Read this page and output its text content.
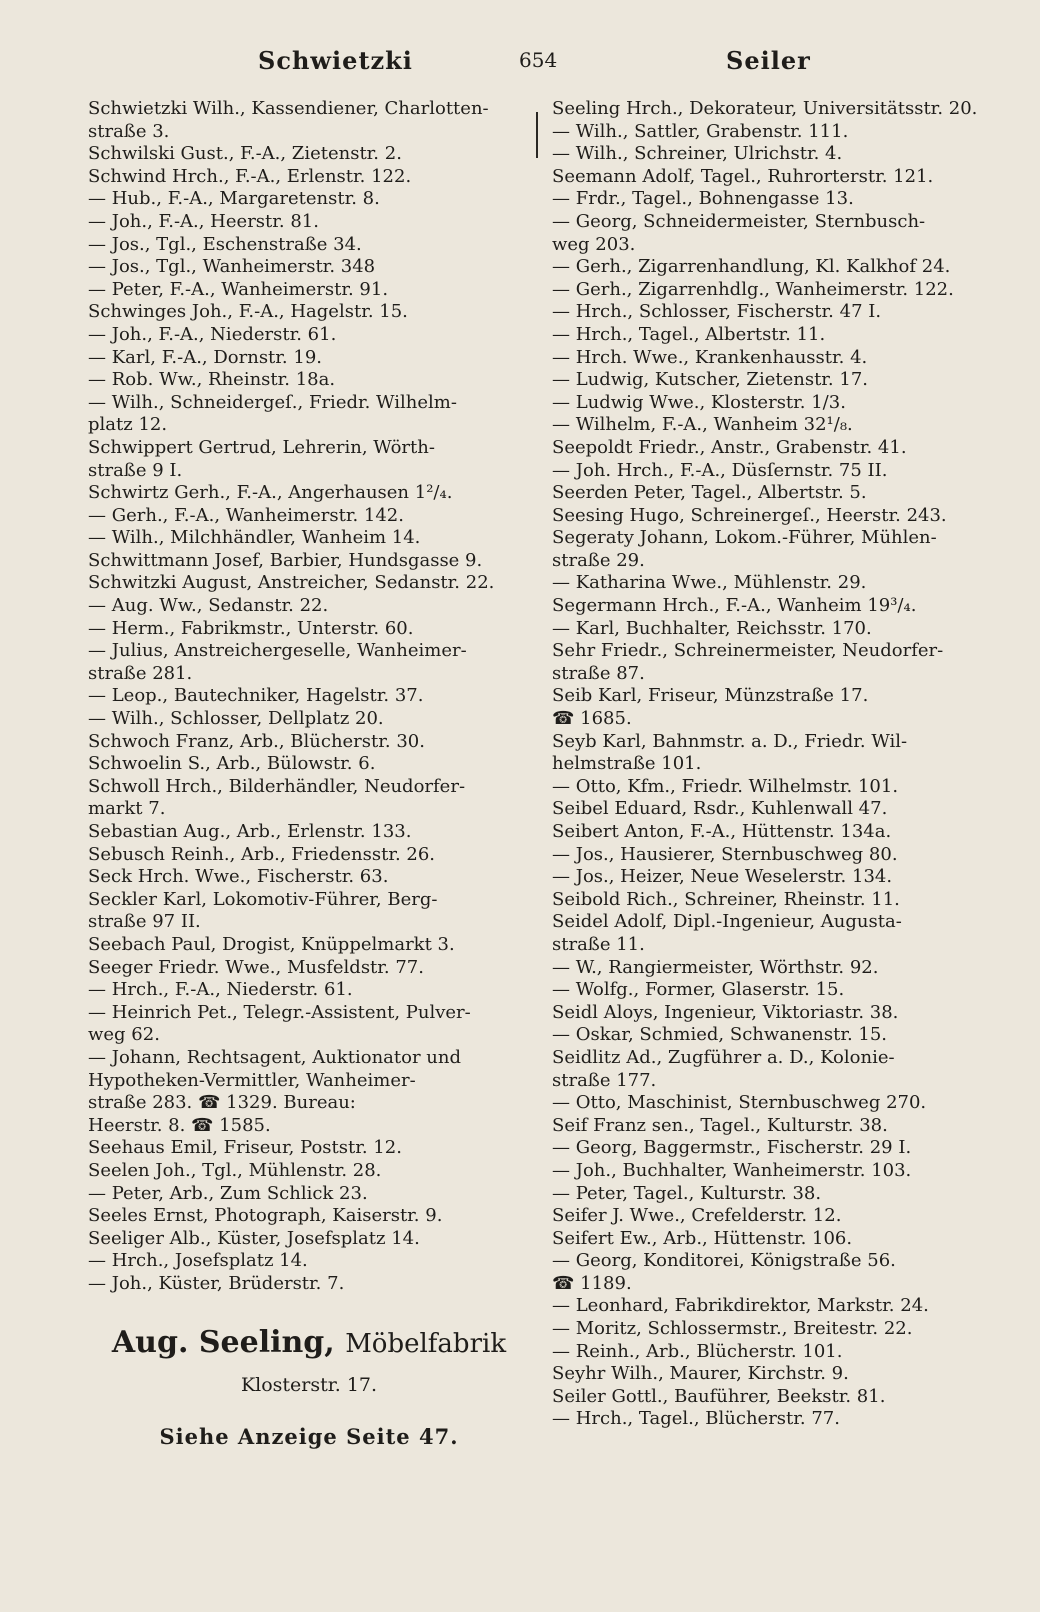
Schwietzki	654	Seiler
Schwietzki Wilh., Kassendiener, Charlotten-
straße 3.
Schwilski Gust., F.-A., Zietenstr. 2.
Schwind Hrch., F.-A., Erlenstr. 122.
— Hub., F.-A., Margaretenstr. 8.
— Joh., F.-A., Heerstr. 81.
— Jos., Tgl., Eschenstraße 34.
— Jos., Tgl., Wanheimerstr. 348
— Peter, F.-A., Wanheimerstr. 91.
Schwinges Joh., F.-A., Hagelstr. 15.
— Joh., F.-A., Niederstr. 61.
— Karl, F.-A., Dornstr. 19.
— Rob. Ww., Rheinstr. 18a.
— Wilh., Schneidergeſ., Friedr. Wilhelm-
platz 12.
Schwippert Gertrud, Lehrerin, Wörth-
straße 9 I.
Schwirtz Gerh., F.-A., Angerhausen 1²/₄.
— Gerh., F.-A., Wanheimerstr. 142.
— Wilh., Milchhändler, Wanheim 14.
Schwittmann Josef, Barbier, Hundsgasse 9.
Schwitzki August, Anstreicher, Sedanstr. 22.
— Aug. Ww., Sedanstr. 22.
— Herm., Fabrikmstr., Unterstr. 60.
— Julius, Anstreichergeselle, Wanheimer-
straße 281.
— Leop., Bautechniker, Hagelstr. 37.
— Wilh., Schlosser, Dellplatz 20.
Schwoch Franz, Arb., Blücherstr. 30.
Schwoelin S., Arb., Bülowstr. 6.
Schwoll Hrch., Bilderhändler, Neudorfer-
markt 7.
Sebastian Aug., Arb., Erlenstr. 133.
Sebusch Reinh., Arb., Friedensstr. 26.
Seck Hrch. Wwe., Fischerstr. 63.
Seckler Karl, Lokomotiv-Führer, Berg-
straße 97 II.
Seebach Paul, Drogist, Knüppelmarkt 3.
Seeger Friedr. Wwe., Musfeldstr. 77.
— Hrch., F.-A., Niederstr. 61.
— Heinrich Pet., Telegr.-Assistent, Pulver-
weg 62.
— Johann, Rechtsagent, Auktionator und
Hypotheken-Vermittler, Wanheimer-
straße 283. ☎ 1329. Bureau:
Heerstr. 8. ☎ 1585.
Seehaus Emil, Friseur, Poststr. 12.
Seelen Joh., Tgl., Mühlenstr. 28.
— Peter, Arb., Zum Schlick 23.
Seeles Ernst, Photograph, Kaiserstr. 9.
Seeliger Alb., Küster, Josefsplatz 14.
— Hrch., Josefsplatz 14.
— Joh., Küster, Brüderstr. 7.
Aug. Seeling, Möbelfabrik
Klosterstr. 17.
Siehe Anzeige Seite 47.
Seeling Hrch., Dekorateur, Universitätsstr. 20.
— Wilh., Sattler, Grabenstr. 111.
— Wilh., Schreiner, Ulrichstr. 4.
Seemann Adolf, Tagel., Ruhrorterstr. 121.
— Frdr., Tagel., Bohnengasse 13.
— Georg, Schneidermeister, Sternbusch-
weg 203.
— Gerh., Zigarrenhandlung, Kl. Kalkhof 24.
— Gerh., Zigarrenhdlg., Wanheimerstr. 122.
— Hrch., Schlosser, Fischerstr. 47 I.
— Hrch., Tagel., Albertstr. 11.
— Hrch. Wwe., Krankenhausstr. 4.
— Ludwig, Kutscher, Zietenstr. 17.
— Ludwig Wwe., Klosterstr. 1/3.
— Wilhelm, F.-A., Wanheim 32¹/₈.
Seepoldt Friedr., Anstr., Grabenstr. 41.
— Joh. Hrch., F.-A., Düsſernstr. 75 II.
Seerden Peter, Tagel., Albertstr. 5.
Seesing Hugo, Schreinergeſ., Heerstr. 243.
Segeraty Johann, Lokom.-Führer, Mühlen-
straße 29.
— Katharina Wwe., Mühlenstr. 29.
Segermann Hrch., F.-A., Wanheim 19³/₄.
— Karl, Buchhalter, Reichsstr. 170.
Sehr Friedr., Schreinermeister, Neudorfer-
straße 87.
Seib Karl, Friseur, Münzstraße 17.
☎ 1685.
Seyb Karl, Bahnmstr. a. D., Friedr. Wil-
helmstraße 101.
— Otto, Kfm., Friedr. Wilhelmstr. 101.
Seibel Eduard, Rsdr., Kuhlenwall 47.
Seibert Anton, F.-A., Hüttenstr. 134a.
— Jos., Hausierer, Sternbuschweg 80.
— Jos., Heizer, Neue Weselerstr. 134.
Seibold Rich., Schreiner, Rheinstr. 11.
Seidel Adolf, Dipl.-Ingenieur, Augusta-
straße 11.
— W., Rangiermeister, Wörthstr. 92.
— Wolfg., Former, Glaserstr. 15.
Seidl Aloys, Ingenieur, Viktoriastr. 38.
— Oskar, Schmied, Schwanenstr. 15.
Seidlitz Ad., Zugführer a. D., Kolonie-
straße 177.
— Otto, Maschinist, Sternbuschweg 270.
Seif Franz sen., Tagel., Kulturstr. 38.
— Georg, Baggermstr., Fischerstr. 29 I.
— Joh., Buchhalter, Wanheimerstr. 103.
— Peter, Tagel., Kulturstr. 38.
Seifer J. Wwe., Crefelderstr. 12.
Seifert Ew., Arb., Hüttenstr. 106.
— Georg, Konditorei, Königstraße 56.
☎ 1189.
— Leonhard, Fabrikdirektor, Markstr. 24.
— Moritz, Schlossermstr., Breitestr. 22.
— Reinh., Arb., Blücherstr. 101.
Seyhr Wilh., Maurer, Kirchstr. 9.
Seiler Gottl., Bauführer, Beekstr. 81.
— Hrch., Tagel., Blücherstr. 77.
